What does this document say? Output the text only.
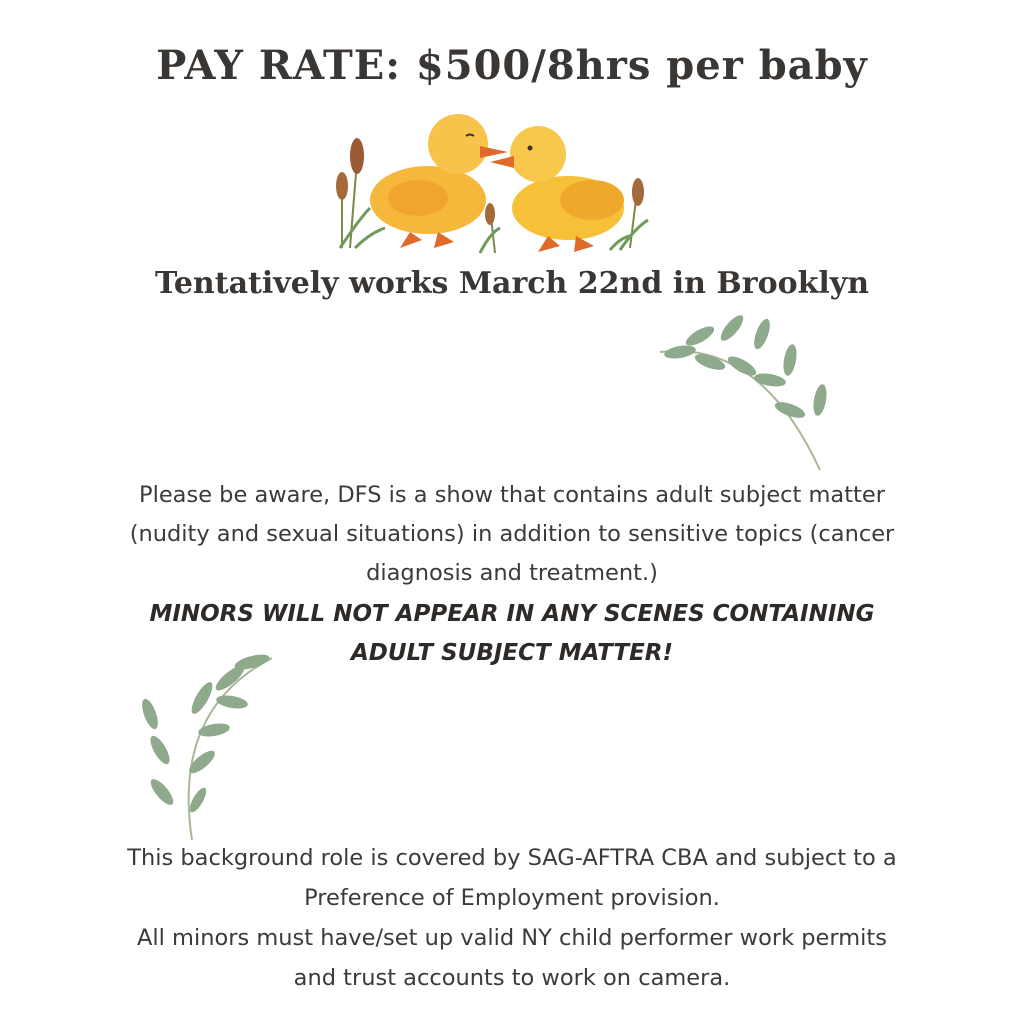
PAY RATE: $500/8hrs per baby
Tentatively works March 22nd in Brooklyn
Please be aware, DFS is a show that contains adult subject matter
(nudity and sexual situations) in addition to sensitive topics (cancer
diagnosis and treatment.)
MINORS WILL NOT APPEAR IN ANY SCENES CONTAINING
ADULT SUBJECT MATTER!
This background role is covered by SAG-AFTRA CBA and subject to a
Preference of Employment provision.
All minors must have/set up valid NY child performer work permits
and trust accounts to work on camera.
